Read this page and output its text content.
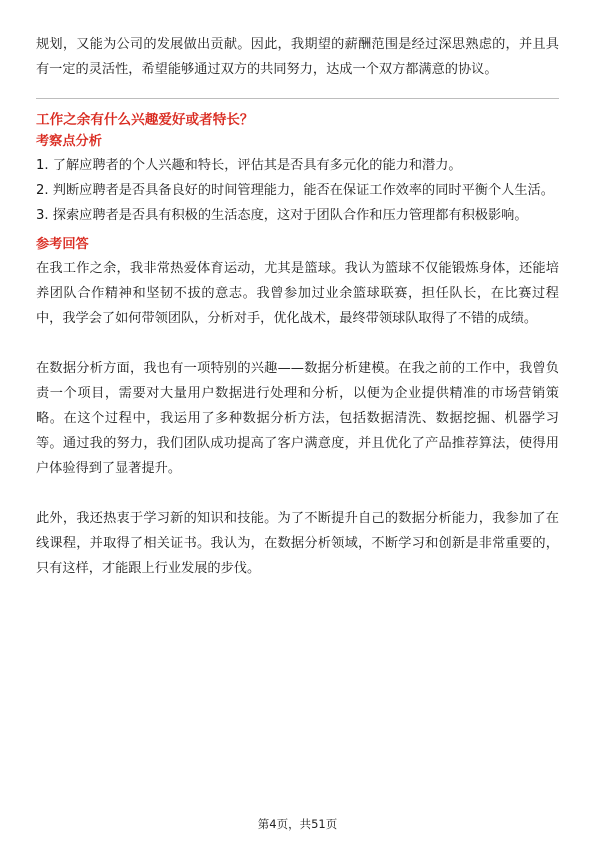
规划，又能为公司的发展做出贡献。因此，我期望的薪酬范围是经过深思熟虑的，并且具有一定的灵活性，希望能够通过双方的共同努力，达成一个双方都满意的协议。

工作之余有什么兴趣爱好或者特长？

考察点分析

1. 了解应聘者的个人兴趣和特长，评估其是否具有多元化的能力和潜力。
2. 判断应聘者是否具备良好的时间管理能力，能否在保证工作效率的同时平衡个人生活。
3. 探索应聘者是否具有积极的生活态度，这对于团队合作和压力管理都有积极影响。

参考回答

在我工作之余，我非常热爱体育运动，尤其是篮球。我认为篮球不仅能锻炼身体，还能培养团队合作精神和坚韧不拔的意志。我曾参加过业余篮球联赛，担任队长，在比赛过程中，我学会了如何带领团队，分析对手，优化战术，最终带领球队取得了不错的成绩。

在数据分析方面，我也有一项特别的兴趣——数据分析建模。在我之前的工作中，我曾负责一个项目，需要对大量用户数据进行处理和分析，以便为企业提供精准的市场营销策略。在这个过程中，我运用了多种数据分析方法，包括数据清洗、数据挖掘、机器学习等。通过我的努力，我们团队成功提高了客户满意度，并且优化了产品推荐算法，使得用户体验得到了显著提升。

此外，我还热衷于学习新的知识和技能。为了不断提升自己的数据分析能力，我参加了在线课程，并取得了相关证书。我认为，在数据分析领域，不断学习和创新是非常重要的，只有这样，才能跟上行业发展的步伐。

第4页，共51页
